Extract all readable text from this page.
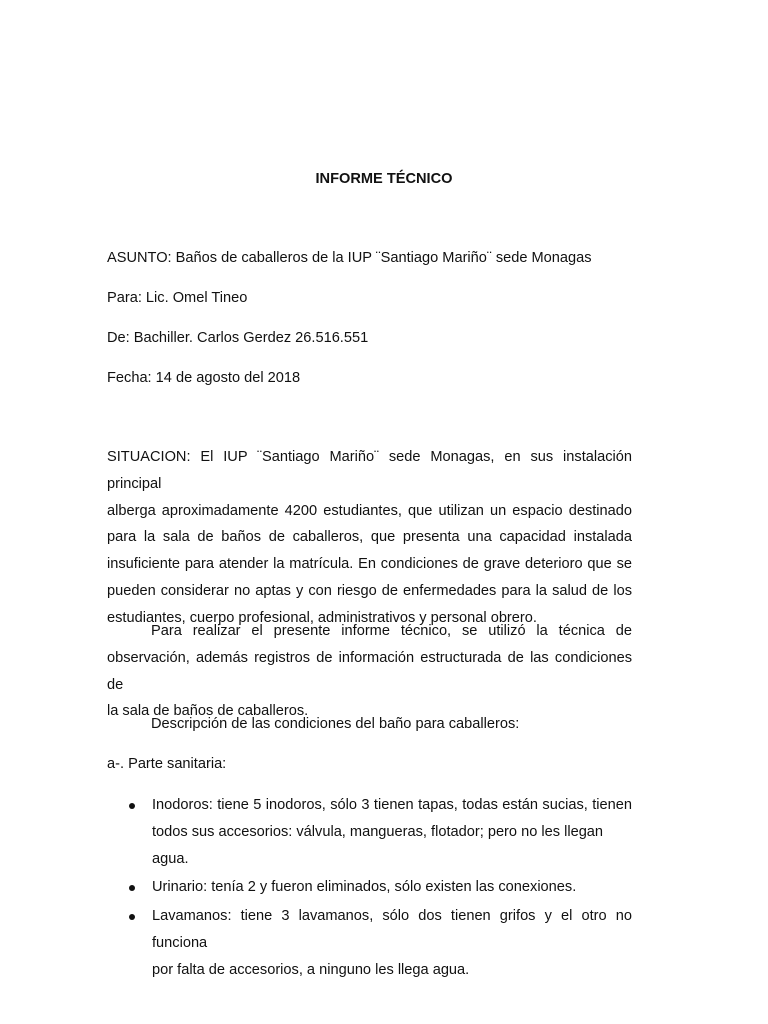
INFORME TÉCNICO

ASUNTO: Baños de caballeros de la IUP ¨Santiago Mariño¨ sede Monagas

Para: Lic. Omel Tineo

De: Bachiller. Carlos Gerdez 26.516.551

Fecha: 14 de agosto del 2018

SITUACION: El IUP ¨Santiago Mariño¨ sede Monagas, en sus instalación principal
alberga aproximadamente 4200 estudiantes, que utilizan un espacio destinado
para la sala de baños de caballeros, que presenta una capacidad instalada
insuficiente para atender la matrícula. En condiciones de grave deterioro que se
pueden considerar no aptas y con riesgo de enfermedades para la salud de los
estudiantes, cuerpo profesional, administrativos y personal obrero.
Para realizar el presente informe técnico, se utilizó la técnica de
observación, además registros de información estructurada de las condiciones de
la sala de baños de caballeros.

Descripción de las condiciones del baño para caballeros:

a-. Parte sanitaria:

Inodoros: tiene 5 inodoros, sólo 3 tienen tapas, todas están sucias, tienen
todos sus accesorios: válvula, mangueras, flotador; pero no les llegan agua.
Urinario: tenía 2 y fueron eliminados, sólo existen las conexiones.
Lavamanos: tiene 3 lavamanos, sólo dos tienen grifos y el otro no funciona
por falta de accesorios, a ninguno les llega agua.
